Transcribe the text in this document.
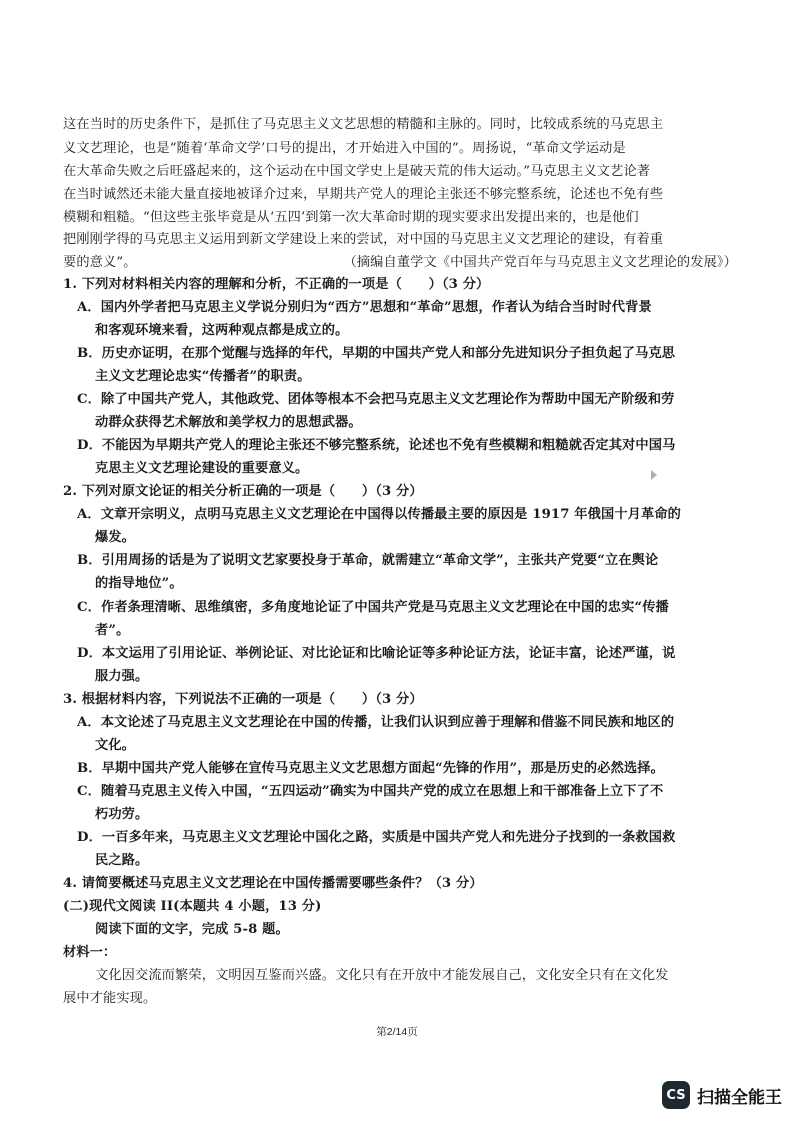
这在当时的历史条件下，是抓住了马克思主义文艺思想的精髓和主脉的。同时，比较成系统的马克思主
义文艺理论，也是“随着‘革命文学’口号的提出，才开始进入中国的”。周扬说，“革命文学运动是
在大革命失败之后旺盛起来的，这个运动在中国文学史上是破天荒的伟大运动。”马克思主义文艺论著
在当时诚然还未能大量直接地被译介过来，早期共产党人的理论主张还不够完整系统，论述也不免有些
模糊和粗糙。“但这些主张毕竟是从‘五四’到第一次大革命时期的现实要求出发提出来的，也是他们
把刚刚学得的马克思主义运用到新文学建设上来的尝试，对中国的马克思主义文艺理论的建设，有着重
要的意义”。	（摘编自董学文《中国共产党百年与马克思主义文艺理论的发展》）
1. 下列对材料相关内容的理解和分析，不正确的一项是（　　）（3 分）
A．国内外学者把马克思主义学说分别归为“西方”思想和“革命”思想，作者认为结合当时时代背景
和客观环境来看，这两种观点都是成立的。
B．历史亦证明，在那个觉醒与选择的年代，早期的中国共产党人和部分先进知识分子担负起了马克思
主义文艺理论忠实“传播者”的职责。
C．除了中国共产党人，其他政党、团体等根本不会把马克思主义文艺理论作为帮助中国无产阶级和劳
动群众获得艺术解放和美学权力的思想武器。
D．不能因为早期共产党人的理论主张还不够完整系统，论述也不免有些模糊和粗糙就否定其对中国马
克思主义文艺理论建设的重要意义。
2. 下列对原文论证的相关分析正确的一项是（　　）（3 分）
A．文章开宗明义，点明马克思主义文艺理论在中国得以传播最主要的原因是 1917 年俄国十月革命的
爆发。
B．引用周扬的话是为了说明文艺家要投身于革命，就需建立“革命文学”，主张共产党要“立在舆论
的指导地位”。
C．作者条理清晰、思维缜密，多角度地论证了中国共产党是马克思主义文艺理论在中国的忠实“传播
者”。
D．本文运用了引用论证、举例论证、对比论证和比喻论证等多种论证方法，论证丰富，论述严谨，说
服力强。
3. 根据材料内容，下列说法不正确的一项是（　　）（3 分）
A．本文论述了马克思主义文艺理论在中国的传播，让我们认识到应善于理解和借鉴不同民族和地区的
文化。
B．早期中国共产党人能够在宣传马克思主义文艺思想方面起“先锋的作用”，那是历史的必然选择。
C．随着马克思主义传入中国，“五四运动”确实为中国共产党的成立在思想上和干部准备上立下了不
朽功劳。
D．一百多年来，马克思主义文艺理论中国化之路，实质是中国共产党人和先进分子找到的一条救国救
民之路。
4. 请简要概述马克思主义文艺理论在中国传播需要哪些条件？（3 分）
(二)现代文阅读 II(本题共 4 小题，13 分)
阅读下面的文字，完成 5-8 题。
材料一：
文化因交流而繁荣，文明因互鉴而兴盛。文化只有在开放中才能发展自己，文化安全只有在文化发
展中才能实现。
第2/14页
CS 扫描全能王
